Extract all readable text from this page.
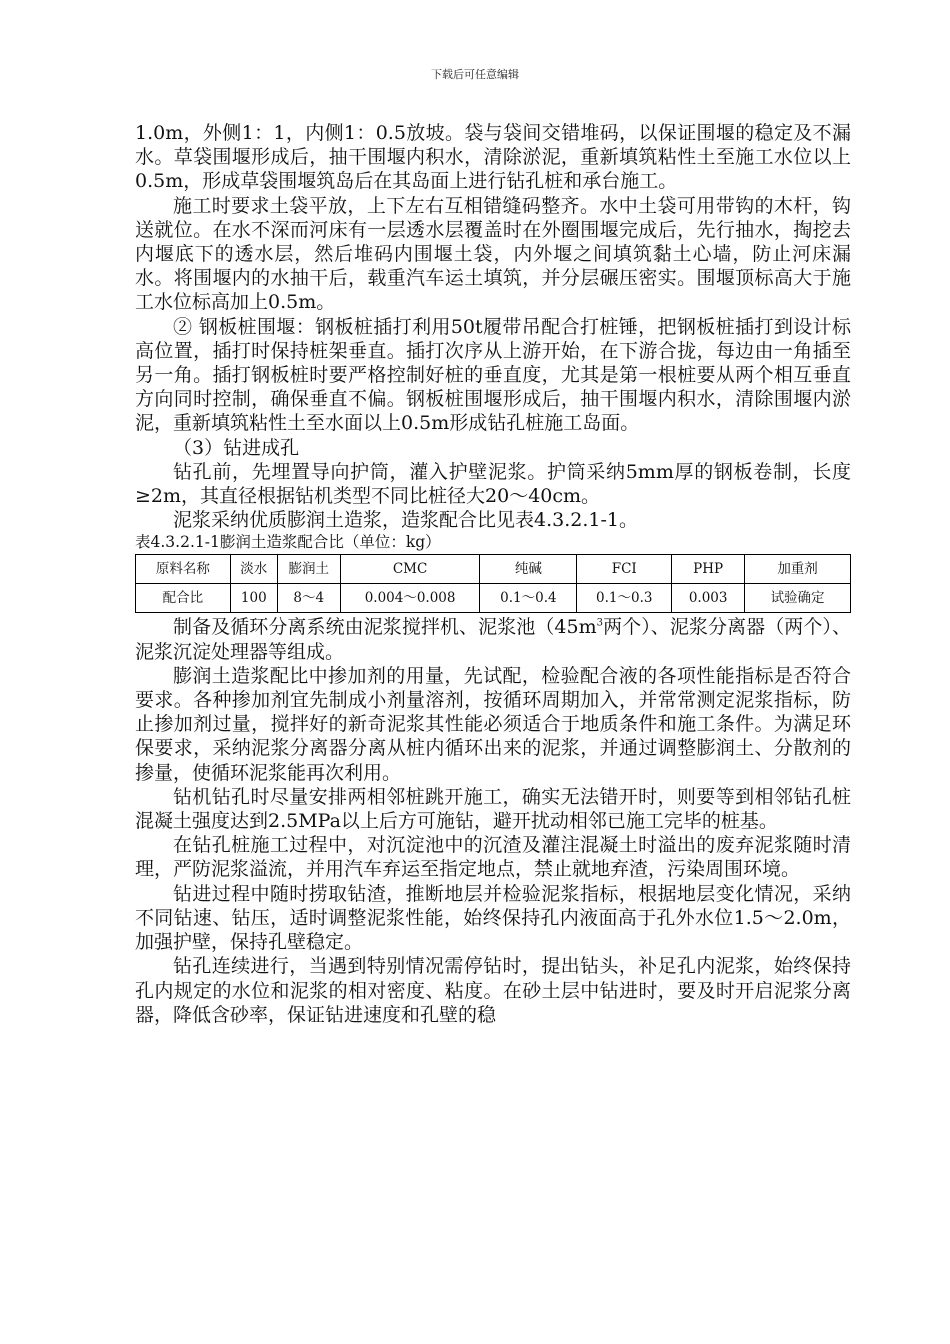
下载后可任意编辑

1.0m，外侧1：1，内侧1：0.5放坡。袋与袋间交错堆码，以保证围堰的稳定及不漏水。草袋围堰形成后，抽干围堰内积水，清除淤泥，重新填筑粘性土至施工水位以上0.5m，形成草袋围堰筑岛后在其岛面上进行钻孔桩和承台施工。

施工时要求土袋平放，上下左右互相错缝码整齐。水中土袋可用带钩的木杆，钩送就位。在水不深而河床有一层透水层覆盖时在外圈围堰完成后，先行抽水，掏挖去内堰底下的透水层，然后堆码内围堰土袋，内外堰之间填筑黏土心墙，防止河床漏水。将围堰内的水抽干后，载重汽车运土填筑，并分层碾压密实。围堰顶标高大于施工水位标高加上0.5m。

② 钢板桩围堰：钢板桩插打利用50t履带吊配合打桩锤，把钢板桩插打到设计标高位置，插打时保持桩架垂直。插打次序从上游开始，在下游合拢，每边由一角插至另一角。插打钢板桩时要严格控制好桩的垂直度，尤其是第一根桩要从两个相互垂直方向同时控制，确保垂直不偏。钢板桩围堰形成后，抽干围堰内积水，清除围堰内淤泥，重新填筑粘性土至水面以上0.5m形成钻孔桩施工岛面。

（3）钻进成孔

钻孔前，先埋置导向护筒，灌入护壁泥浆。护筒采纳5mm厚的钢板卷制，长度≥2m，其直径根据钻机类型不同比桩径大20～40cm。

泥浆采纳优质膨润土造浆，造浆配合比见表4.3.2.1-1。

表4.3.2.1-1膨润土造浆配合比（单位：kg）

原料名称	淡水	膨润土	CMC	纯碱	FCI	PHP	加重剂
配合比	100	8～4	0.004～0.008	0.1～0.4	0.1～0.3	0.003	试验确定

制备及循环分离系统由泥浆搅拌机、泥浆池（$45m^3$两个）、泥浆分离器（两个）、泥浆沉淀处理器等组成。

膨润土造浆配比中掺加剂的用量，先试配，检验配合液的各项性能指标是否符合要求。各种掺加剂宜先制成小剂量溶剂，按循环周期加入，并常常测定泥浆指标，防止掺加剂过量，搅拌好的新奇泥浆其性能必须适合于地质条件和施工条件。为满足环保要求，采纳泥浆分离器分离从桩内循环出来的泥浆，并通过调整膨润土、分散剂的掺量，使循环泥浆能再次利用。

钻机钻孔时尽量安排两相邻桩跳开施工，确实无法错开时，则要等到相邻钻孔桩混凝土强度达到2.5MPa以上后方可施钻，避开扰动相邻已施工完毕的桩基。

在钻孔桩施工过程中，对沉淀池中的沉渣及灌注混凝土时溢出的废弃泥浆随时清理，严防泥浆溢流，并用汽车弃运至指定地点，禁止就地弃渣，污染周围环境。

钻进过程中随时捞取钻渣，推断地层并检验泥浆指标，根据地层变化情况，采纳不同钻速、钻压，适时调整泥浆性能，始终保持孔内液面高于孔外水位1.5～2.0m，加强护壁，保持孔壁稳定。

钻孔连续进行，当遇到特别情况需停钻时，提出钻头，补足孔内泥浆，始终保持孔内规定的水位和泥浆的相对密度、粘度。在砂土层中钻进时，要及时开启泥浆分离器，降低含砂率，保证钻进速度和孔壁的稳
